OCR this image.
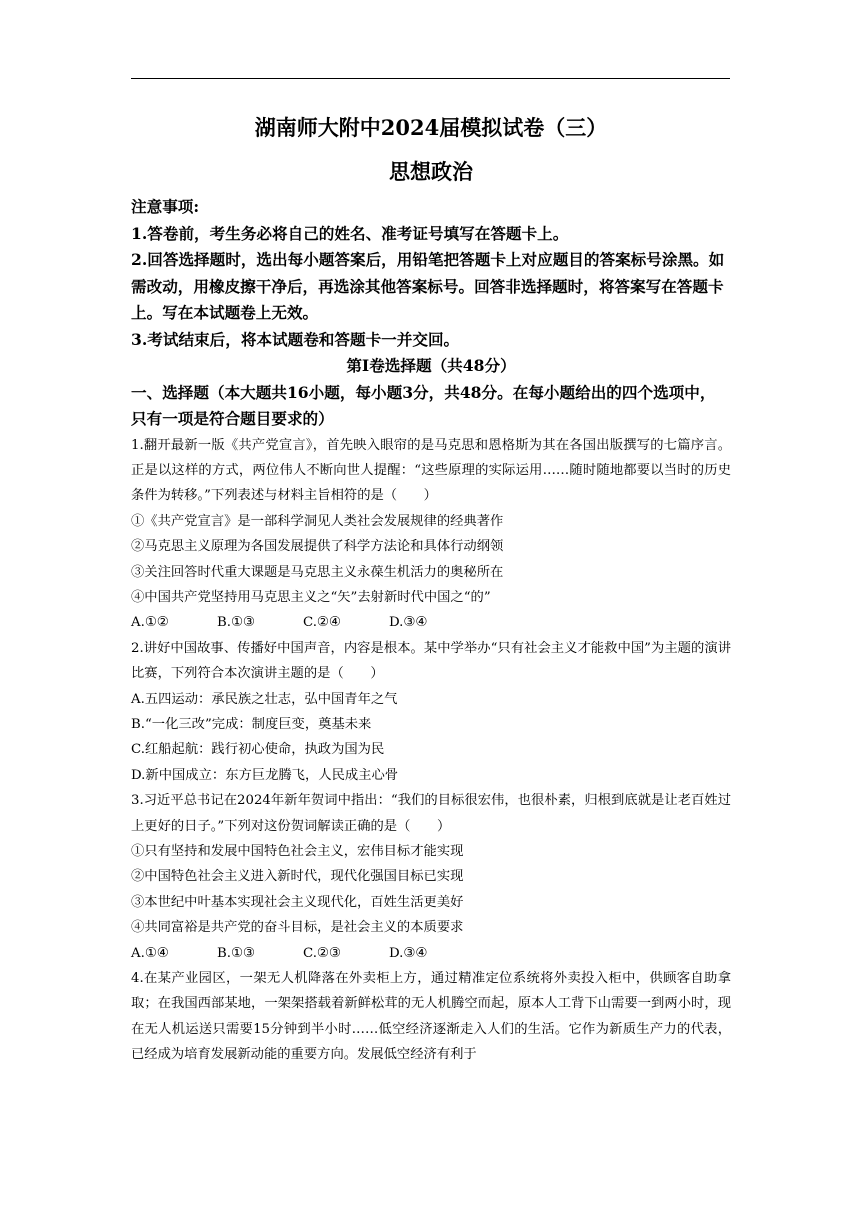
湖南师大附中2024届模拟试卷（三）
思想政治

注意事项:

1.答卷前，考生务必将自己的姓名、准考证号填写在答题卡上。

2.回答选择题时，选出每小题答案后，用铅笔把答题卡上对应题目的答案标号涂黑。如需改动，用橡皮擦干净后，再选涂其他答案标号。回答非选择题时，将答案写在答题卡上。写在本试题卷上无效。

3.考试结束后，将本试题卷和答题卡一并交回。

第Ⅰ卷选择题（共48分）

一、选择题（本大题共16小题，每小题3分，共48分。在每小题给出的四个选项中，只有一项是符合题目要求的）

1.翻开最新一版《共产党宣言》，首先映入眼帘的是马克思和恩格斯为其在各国出版撰写的七篇序言。正是以这样的方式，两位伟人不断向世人提醒：“这些原理的实际运用……随时随地都要以当时的历史条件为转移。”下列表述与材料主旨相符的是（　　）

①《共产党宣言》是一部科学洞见人类社会发展规律的经典著作

②马克思主义原理为各国发展提供了科学方法论和具体行动纲领

③关注回答时代重大课题是马克思主义永葆生机活力的奥秘所在

④中国共产党坚持用马克思主义之“矢”去射新时代中国之“的”

A.①②	B.①③	C.②④	D.③④

2.讲好中国故事、传播好中国声音，内容是根本。某中学举办“只有社会主义才能救中国”为主题的演讲比赛，下列符合本次演讲主题的是（　　）

A.五四运动：承民族之壮志，弘中国青年之气

B.“一化三改”完成：制度巨变，奠基未来

C.红船起航：践行初心使命，执政为国为民

D.新中国成立：东方巨龙腾飞，人民成主心骨

3.习近平总书记在2024年新年贺词中指出：“我们的目标很宏伟，也很朴素，归根到底就是让老百姓过上更好的日子。”下列对这份贺词解读正确的是（　　）

①只有坚持和发展中国特色社会主义，宏伟目标才能实现

②中国特色社会主义进入新时代，现代化强国目标已实现

③本世纪中叶基本实现社会主义现代化，百姓生活更美好

④共同富裕是共产党的奋斗目标，是社会主义的本质要求

A.①④	B.①③	C.②③	D.③④

4.在某产业园区，一架无人机降落在外卖柜上方，通过精准定位系统将外卖投入柜中，供顾客自助拿取；在我国西部某地，一架架搭载着新鲜松茸的无人机腾空而起，原本人工背下山需要一到两小时，现在无人机运送只需要15分钟到半小时……低空经济逐渐走入人们的生活。它作为新质生产力的代表，已经成为培育发展新动能的重要方向。发展低空经济有利于
